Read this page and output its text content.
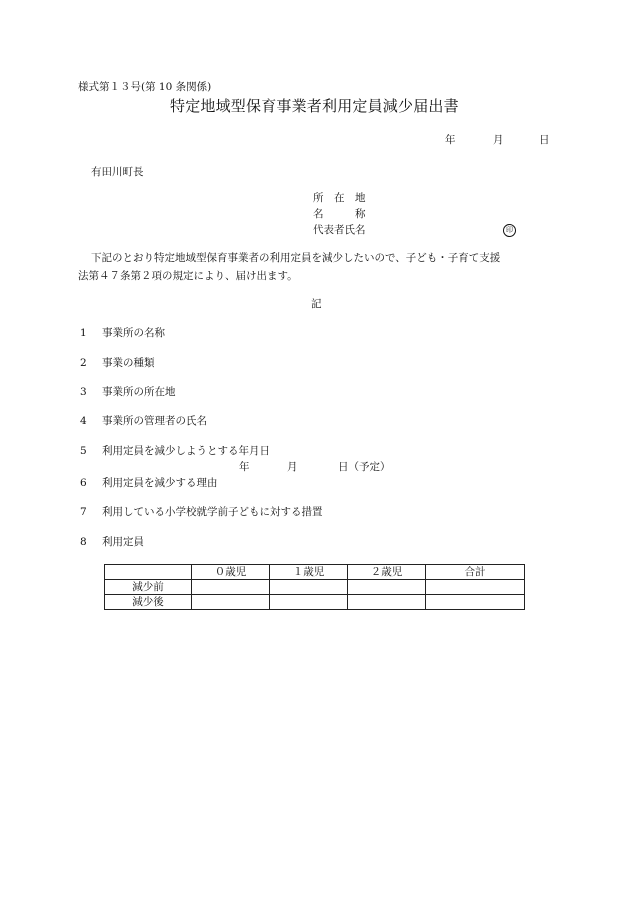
様式第１３号(第 10 条関係)
特定地域型保育事業者利用定員減少届出書
年	月	日
有田川町長
所　在　地
名　　　称
代表者氏名	印
下記のとおり特定地域型保育事業者の利用定員を減少したいので、子ども・子育て支援
法第４７条第２項の規定により、届け出ます。
記
1 事業所の名称
2 事業の種類
3 事業所の所在地
4 事業所の管理者の氏名
5 利用定員を減少しようとする年月日
年	月	日（予定）
6 利用定員を減少する理由
7 利用している小学校就学前子どもに対する措置
8 利用定員
	０歳児	１歳児	２歳児	合計
減少前				
減少後				
